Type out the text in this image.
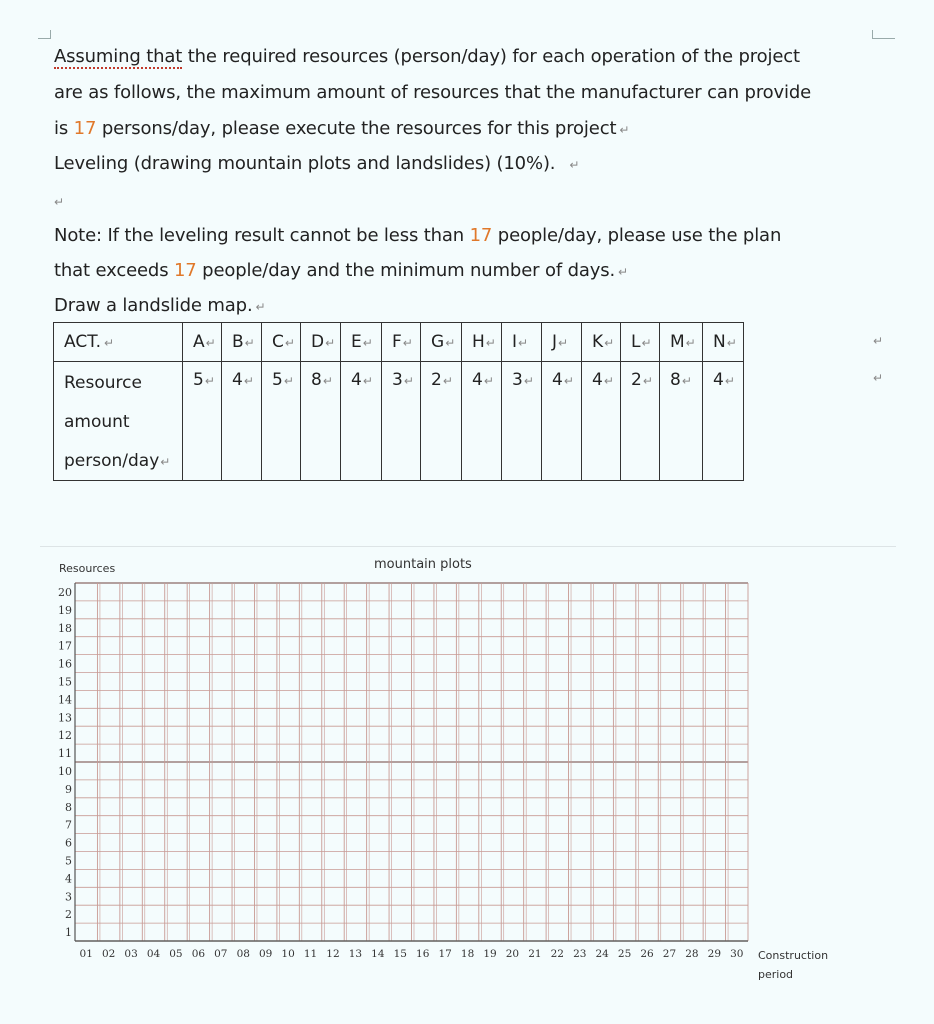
Assuming that the required resources (person/day) for each operation of the project
are as follows, the maximum amount of resources that the manufacturer can provide
is 17 persons/day, please execute the resources for this project ↵
Leveling (drawing mountain plots and landslides) (10%). ↵
↵
Note: If the leveling result cannot be less than 17 people/day, please use the plan
that exceeds 17 people/day and the minimum number of days. ↵
Draw a landslide map. ↵
ACT. ↵	A↵	B↵	C↵	D↵	E↵	F↵	G↵	H↵	I↵	J↵	K↵	L↵	M↵	N↵

Resource
amount
person/day↵	5↵	4↵	5↵	8↵	4↵	3↵	2↵	4↵	3↵	4↵	4↵	2↵	8↵	4↵
↵
↵
mountain plots
Resources
Construction
period
1
2
3
4
5
6
7
8
9
10
11
12
13
14
15
16
17
18
19
20
01 02 03 04 05 06 07 08 09 10 11 12 13 14 15 16 17 18 19 20 21 22 23 24 25 26 27 28 29 30
